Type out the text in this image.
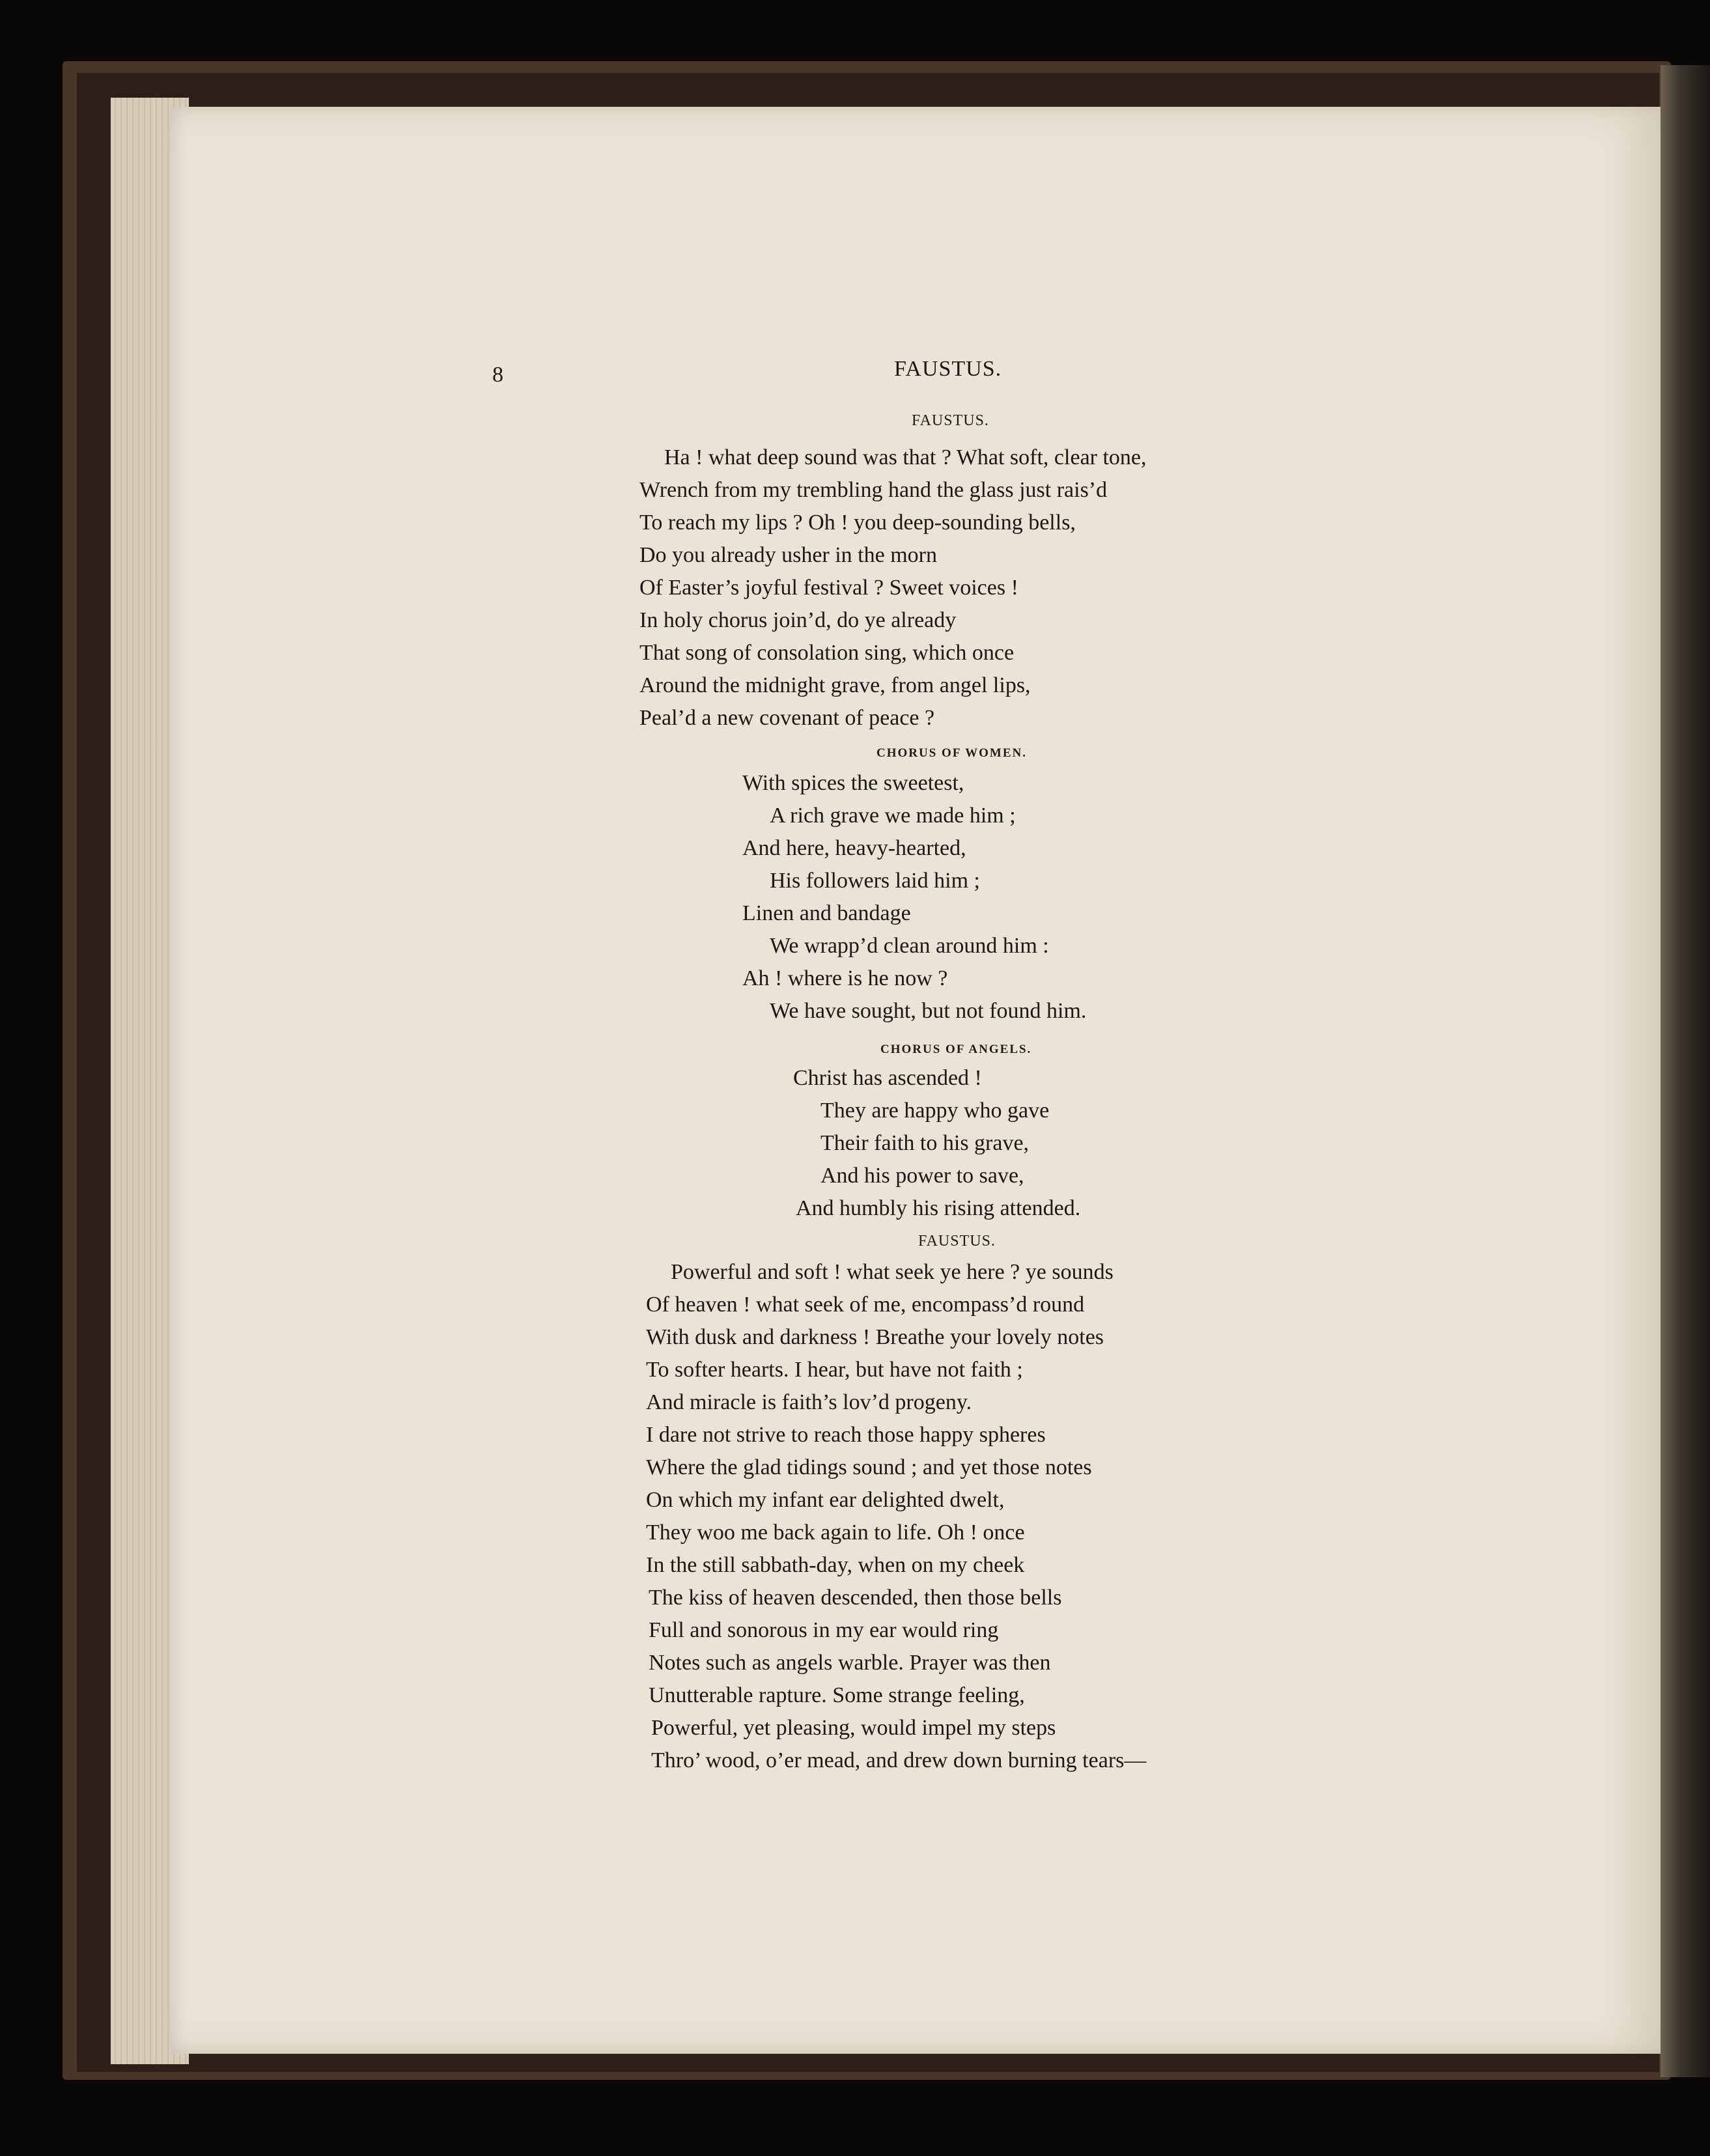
8	FAUSTUS.
FAUSTUS.
Ha ! what deep sound was that ? What soft, clear tone,
Wrench from my trembling hand the glass just rais’d
To reach my lips ? Oh ! you deep-sounding bells,
Do you already usher in the morn
Of Easter’s joyful festival ? Sweet voices !
In holy chorus join’d, do ye already
That song of consolation sing, which once
Around the midnight grave, from angel lips,
Peal’d a new covenant of peace ?
CHORUS OF WOMEN.
With spices the sweetest,
A rich grave we made him ;
And here, heavy-hearted,
His followers laid him ;
Linen and bandage
We wrapp’d clean around him :
Ah ! where is he now ?
We have sought, but not found him.
CHORUS OF ANGELS.
Christ has ascended !
They are happy who gave
Their faith to his grave,
And his power to save,
And humbly his rising attended.
FAUSTUS.
Powerful and soft ! what seek ye here ? ye sounds
Of heaven ! what seek of me, encompass’d round
With dusk and darkness ! Breathe your lovely notes
To softer hearts. I hear, but have not faith ;
And miracle is faith’s lov’d progeny.
I dare not strive to reach those happy spheres
Where the glad tidings sound ; and yet those notes
On which my infant ear delighted dwelt,
They woo me back again to life. Oh ! once
In the still sabbath-day, when on my cheek
The kiss of heaven descended, then those bells
Full and sonorous in my ear would ring
Notes such as angels warble. Prayer was then
Unutterable rapture. Some strange feeling,
Powerful, yet pleasing, would impel my steps
Thro’ wood, o’er mead, and drew down burning tears—
